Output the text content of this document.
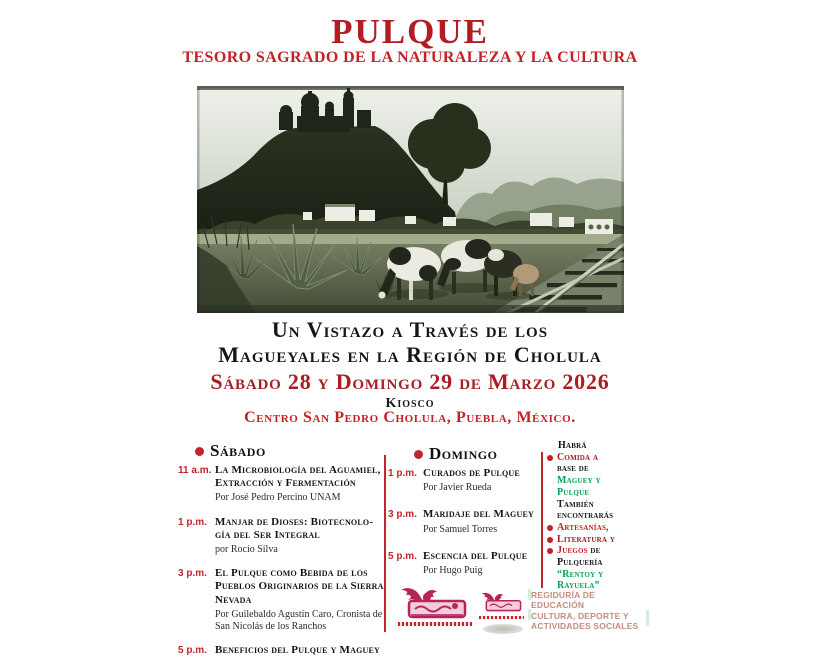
PULQUE
TESORO SAGRADO DE LA NATURALEZA Y LA CULTURA
Un Vistazo a Través de los
Magueyales en la Región de Cholula
Sábado 28 y Domingo 29 de Marzo 2026
Kiosco
Centro San Pedro Cholula, Puebla, México.
Sábado
11 a.m. La Microbiología del Aguamiel, Extracción y Fermentación
Por José Pedro Percino UNAM
1 p.m. Manjar de Dioses: Biotecnolo-gía del Ser Integral
por Rocío Silva
3 p.m. El Pulque como Bebida de los Pueblos Originarios de la Sierra Nevada
Por Guilebaldo Agustín Caro, Cronista de San Nicolás de los Ranchos
5 p.m. Beneficios del Pulque y Maguey
Domingo
1 p.m. Curados de Pulque
Por Javier Rueda
3 p.m. Maridaje del Maguey
Por Samuel Torres
5 p.m. Escencia del Pulque
Por Hugo Puig
Habrá
Comida a
base de
Maguey y
Pulque
También
encontrarás
Artesanías,
Literatura y
Juegos de
Pulquería
“Rentoy y
Rayuela”
REGIDURÍA DE EDUCACIÓN
CULTURA, DEPORTE Y
ACTIVIDADES SOCIALES
